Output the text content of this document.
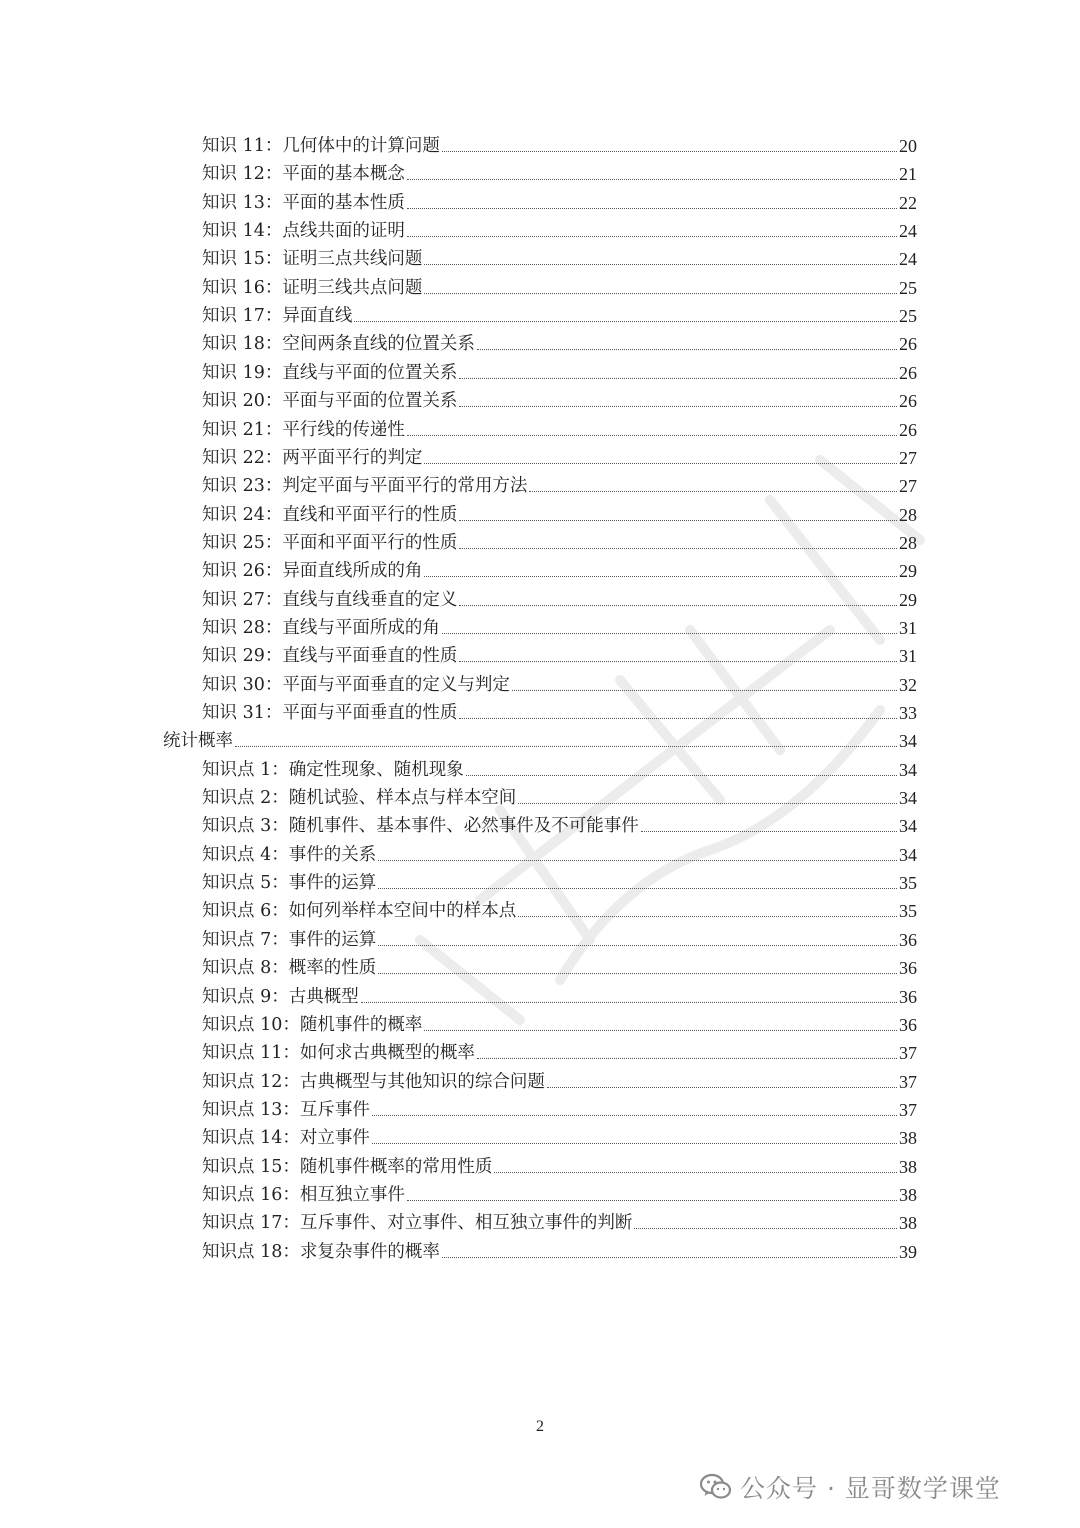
知识 11：几何体中的计算问题	20
知识 12：平面的基本概念	21
知识 13：平面的基本性质	22
知识 14：点线共面的证明	24
知识 15：证明三点共线问题	24
知识 16：证明三线共点问题	25
知识 17：异面直线	25
知识 18：空间两条直线的位置关系	26
知识 19：直线与平面的位置关系	26
知识 20：平面与平面的位置关系	26
知识 21：平行线的传递性	26
知识 22：两平面平行的判定	27
知识 23：判定平面与平面平行的常用方法	27
知识 24：直线和平面平行的性质	28
知识 25：平面和平面平行的性质	28
知识 26：异面直线所成的角	29
知识 27：直线与直线垂直的定义	29
知识 28：直线与平面所成的角	31
知识 29：直线与平面垂直的性质	31
知识 30：平面与平面垂直的定义与判定	32
知识 31：平面与平面垂直的性质	33
统计概率	34
知识点 1：确定性现象、随机现象	34
知识点 2：随机试验、样本点与样本空间	34
知识点 3：随机事件、基本事件、必然事件及不可能事件	34
知识点 4：事件的关系	34
知识点 5：事件的运算	35
知识点 6：如何列举样本空间中的样本点	35
知识点 7：事件的运算	36
知识点 8：概率的性质	36
知识点 9：古典概型	36
知识点 10：随机事件的概率	36
知识点 11：如何求古典概型的概率	37
知识点 12：古典概型与其他知识的综合问题	37
知识点 13：互斥事件	37
知识点 14：对立事件	38
知识点 15：随机事件概率的常用性质	38
知识点 16：相互独立事件	38
知识点 17：互斥事件、对立事件、相互独立事件的判断	38
知识点 18：求复杂事件的概率	39
2
公众号 · 显哥数学课堂
